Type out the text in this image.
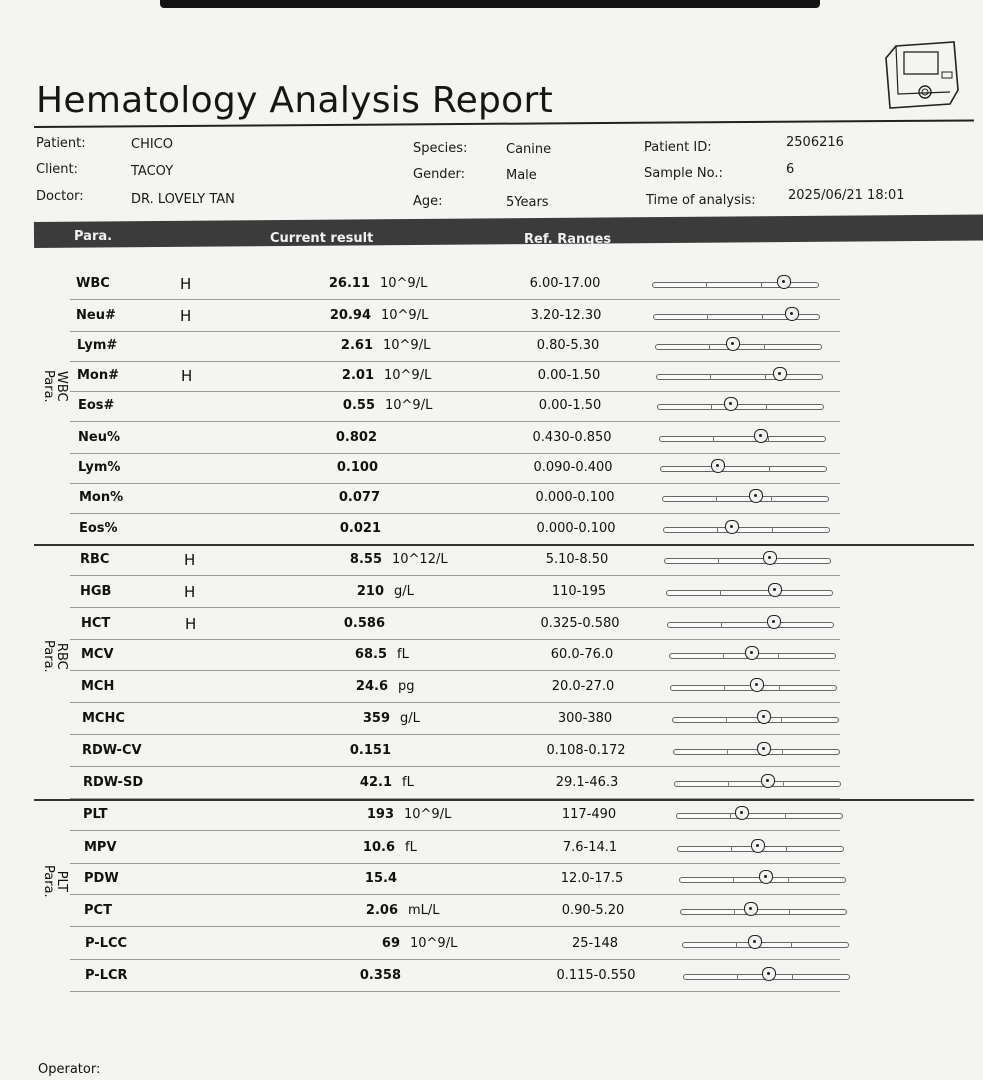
Hematology Analysis Report
Patient:	CHICO
Client:	TACOY
Doctor:	DR. LOVELY TAN
Species:	Canine
Gender:	Male
Age:	5Years
Patient ID:	2506216
Sample No.:	6
Time of analysis: 2025/06/21 18:01
Para.	Current result	Ref. Ranges
WBC
Para.
WBC	H	26.11 10^9/L	6.00-17.00
Neu#	H	20.94 10^9/L	3.20-12.30
Lym#	2.61 10^9/L	0.80-5.30
Mon#	H	2.01 10^9/L	0.00-1.50
Eos#	0.55 10^9/L	0.00-1.50
Neu%	0.802	0.430-0.850
Lym%	0.100	0.090-0.400
Mon%	0.077	0.000-0.100
Eos%	0.021	0.000-0.100
RBC
Para.
RBC	H	8.55 10^12/L	5.10-8.50
HGB	H	210 g/L	110-195
HCT	H	0.586	0.325-0.580
MCV	68.5 fL	60.0-76.0
MCH	24.6 pg	20.0-27.0
MCHC	359 g/L	300-380
RDW-CV	0.151	0.108-0.172
RDW-SD	42.1 fL	29.1-46.3
PLT
Para.
PLT	193 10^9/L	117-490
MPV	10.6 fL	7.6-14.1
PDW	15.4	12.0-17.5
PCT	2.06 mL/L	0.90-5.20
P-LCC	69 10^9/L	25-148
P-LCR	0.358	0.115-0.550
Operator:
